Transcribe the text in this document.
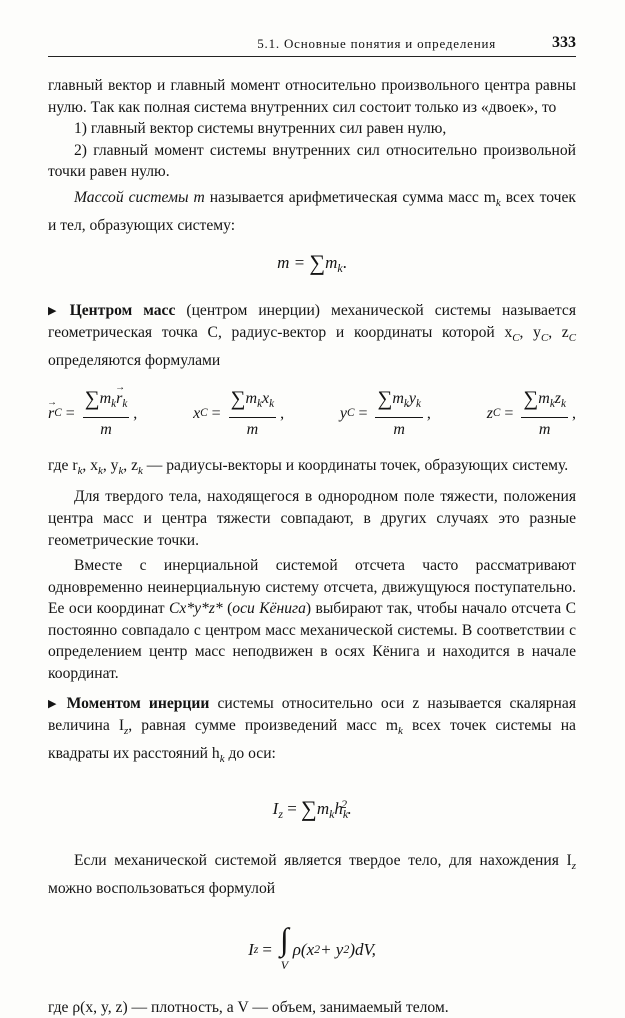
5.1. Основные понятия и определения	333

главный вектор и главный момент относительно произвольного центра равны нулю. Так как полная система внутренних сил состоит только из «двоек», то

1) главный вектор системы внутренних сил равен нулю,

2) главный момент системы внутренних сил относительно произвольной точки равен нулю.

Массой системы m называется арифметическая сумма масс $m_k$ всех точек и тел, образующих систему:

$m = \sum m_k$.

▶ Центром масс (центром инерции) механической системы называется геометрическая точка C, радиус-вектор и координаты которой $x_C$, $y_C$, $z_C$ определяются формулами

→ r $C = \frac{\sum m_k\to r_k}{m}$ ,	x $C = \frac{\sum m_kx_k}{m}$ ,	y $C = \frac{\sum m_ky_k}{m}$ ,	z $C = \frac{\sum m_kz_k}{m}$ ,

где $r_k$, $x_k$, $y_k$, $z_k$ — радиусы-векторы и координаты точек, образующих систему.

Для твердого тела, находящегося в однородном поле тяжести, положения центра масс и центра тяжести совпадают, в других случаях это разные геометрические точки.

Вместе с инерциальной системой отсчета часто рассматривают одновременно неинерциальную систему отсчета, движущуюся поступательно. Ее оси координат Cx*y*z* (оси Кёнига) выбирают так, чтобы начало отсчета C постоянно совпадало с центром масс механической системы. В соответствии с определением центр масс неподвижен в осях Кёнига и находится в начале координат.

▶ Моментом инерции системы относительно оси z называется скалярная величина $I_z$, равная сумме произведений масс $m_k$ всех точек системы на квадраты их расстояний $h_k$ до оси:

$I_z = \sum m_kh_k^2$.

Если механической системой является твердое тело, для нахождения $I_z$ можно воспользоваться формулой

I z = ∫
V
ρ(x 2 + y 2 )dV,

где ρ(x, y, z) — плотность, а V — объем, занимаемый телом.
